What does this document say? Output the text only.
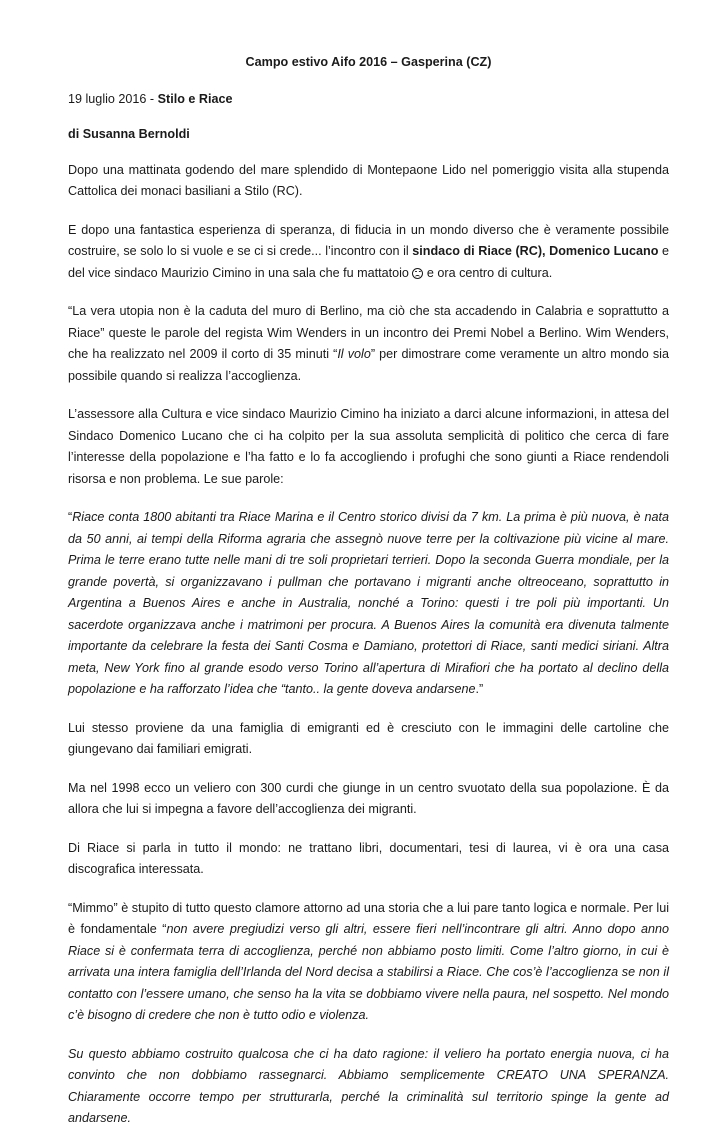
Campo estivo Aifo 2016 – Gasperina (CZ)

19 luglio 2016 - Stilo e Riace

di Susanna Bernoldi

Dopo una mattinata godendo del mare splendido di Montepaone Lido nel pomeriggio visita alla stupenda Cattolica dei monaci basiliani a Stilo (RC).

E dopo una fantastica esperienza di speranza, di fiducia in un mondo diverso che è veramente possibile costruire, se solo lo si vuole e se ci si crede... l’incontro con il sindaco di Riace (RC), Domenico Lucano e del vice sindaco Maurizio Cimino in una sala che fu mattatoio  e ora centro di cultura.

“La vera utopia non è la caduta del muro di Berlino, ma ciò che sta accadendo in Calabria e soprattutto a Riace” queste le parole del regista Wim Wenders in un incontro dei Premi Nobel a Berlino. Wim Wenders, che ha realizzato nel 2009 il corto di 35 minuti “Il volo” per dimostrare come veramente un altro mondo sia possibile quando si realizza l’accoglienza.

L’assessore alla Cultura e vice sindaco Maurizio Cimino ha iniziato a darci alcune informazioni, in attesa del Sindaco Domenico Lucano che ci ha colpito per la sua assoluta semplicità di politico che cerca di fare l’interesse della popolazione e l’ha fatto e lo fa accogliendo i profughi che sono giunti a Riace rendendoli risorsa e non problema. Le sue parole:

“Riace conta 1800 abitanti tra Riace Marina e il Centro storico divisi da 7 km. La prima è più nuova, è nata da 50 anni, ai tempi della Riforma agraria che assegnò nuove terre per la coltivazione più vicine al mare. Prima le terre erano tutte nelle mani di tre soli proprietari terrieri. Dopo la seconda Guerra mondiale, per la grande povertà, si organizzavano i pullman che portavano i migranti anche oltreoceano, soprattutto in Argentina a Buenos Aires e anche in Australia, nonché a Torino: questi i tre poli più importanti. Un sacerdote organizzava anche i matrimoni per procura. A Buenos Aires la comunità era divenuta talmente importante da celebrare la festa dei Santi Cosma e Damiano, protettori di Riace, santi medici siriani. Altra meta, New York fino al grande esodo verso Torino all’apertura di Mirafiori che ha portato al declino della popolazione e ha rafforzato l’idea che “tanto.. la gente doveva andarsene.”

Lui stesso proviene da una famiglia di emigranti ed è cresciuto con le immagini delle cartoline che giungevano dai familiari emigrati.

Ma nel 1998 ecco un veliero con 300 curdi che giunge in un centro svuotato della sua popolazione. È da allora che lui si impegna a favore dell’accoglienza dei migranti.

Di Riace si parla in tutto il mondo: ne trattano libri, documentari, tesi di laurea, vi è ora una casa discografica interessata.

“Mimmo” è stupito di tutto questo clamore attorno ad una storia che a lui pare tanto logica e normale. Per lui è fondamentale “non avere pregiudizi verso gli altri, essere fieri nell’incontrare gli altri. Anno dopo anno Riace si è confermata terra di accoglienza, perché non abbiamo posto limiti. Come l’altro giorno, in cui è arrivata una intera famiglia dell’Irlanda del Nord decisa a stabilirsi a Riace. Che cos’è l’accoglienza se non il contatto con l’essere umano, che senso ha la vita se dobbiamo vivere nella paura, nel sospetto. Nel mondo c’è bisogno di credere che non è tutto odio e violenza.

Su questo abbiamo costruito qualcosa che ci ha dato ragione: il veliero ha portato energia nuova, ci ha convinto che non dobbiamo rassegnarci. Abbiamo semplicemente CREATO UNA SPERANZA. Chiaramente occorre tempo per strutturarla, perché la criminalità sul territorio spinge la gente ad andarsene.
